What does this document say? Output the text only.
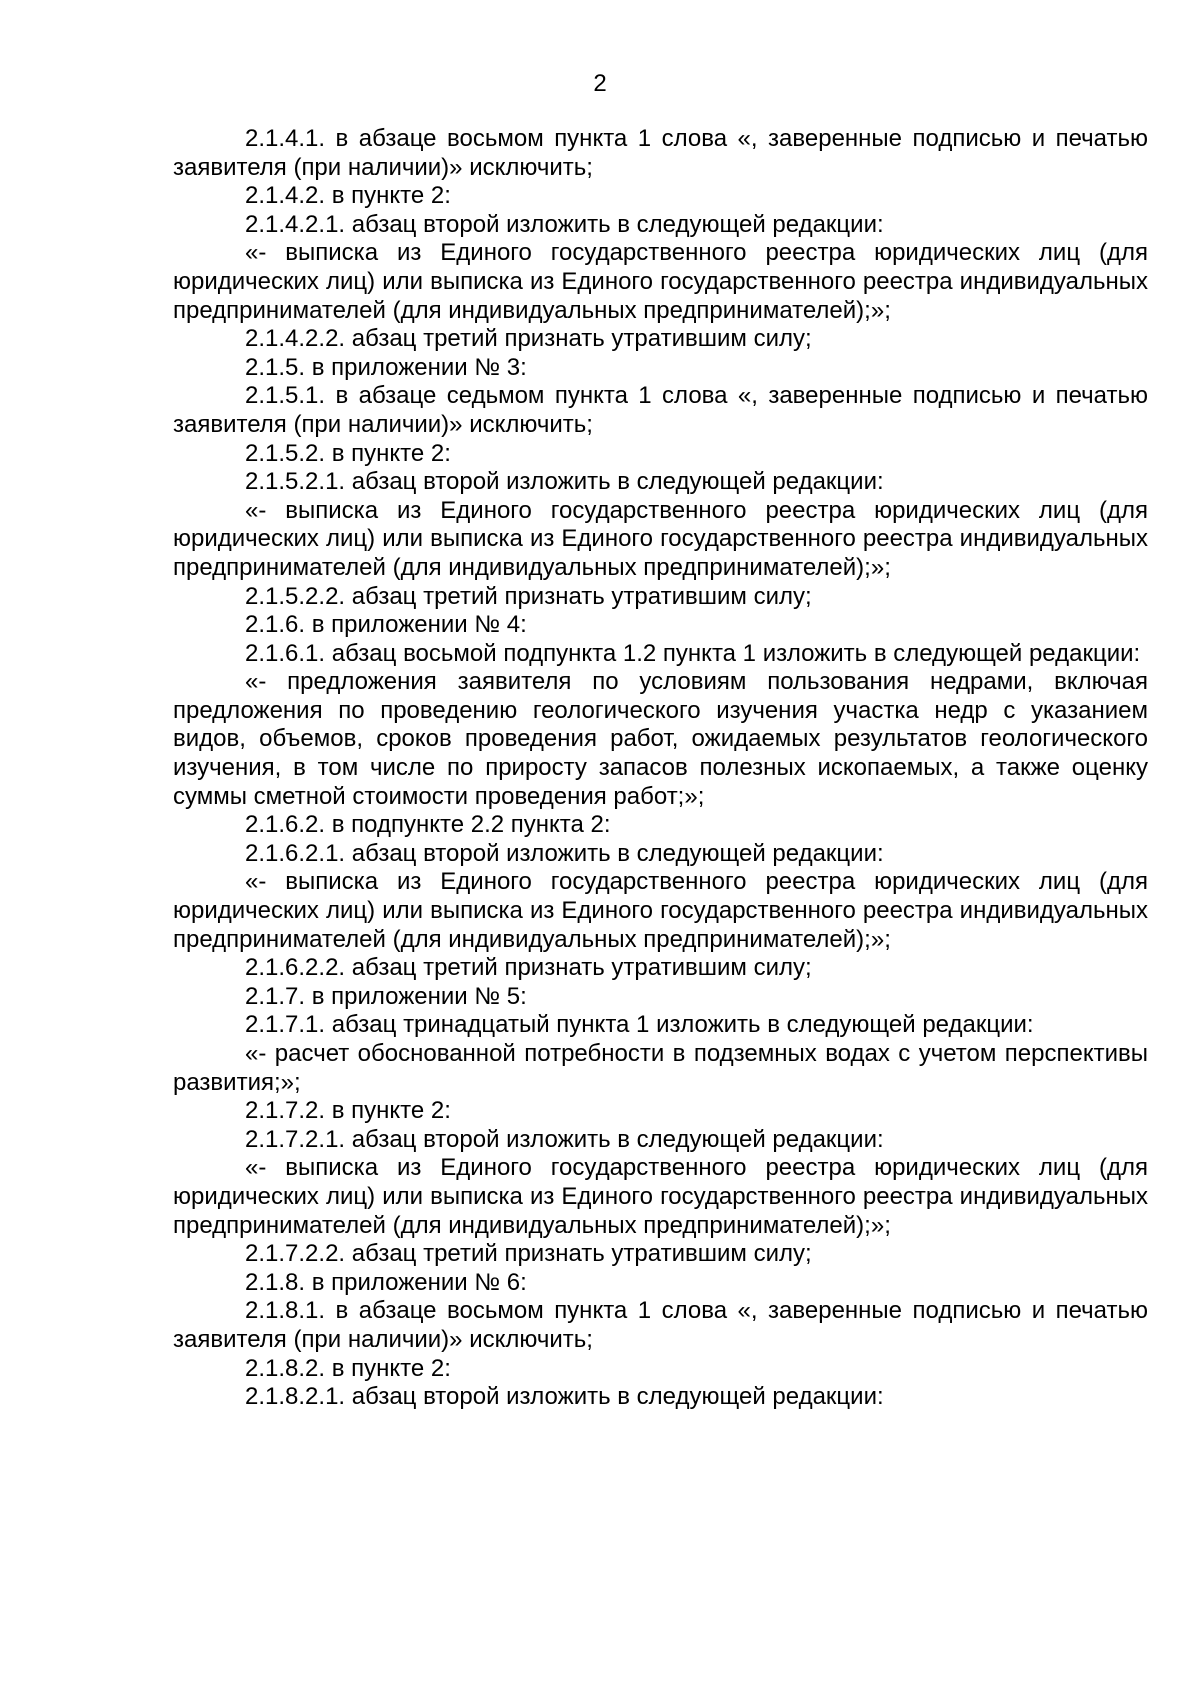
2

2.1.4.1. в абзаце восьмом пункта 1 слова «, заверенные подписью и печатью заявителя (при наличии)» исключить;

2.1.4.2. в пункте 2:

2.1.4.2.1. абзац второй изложить в следующей редакции:

«- выписка из Единого государственного реестра юридических лиц (для юридических лиц) или выписка из Единого государственного реестра индивидуальных предпринимателей (для индивидуальных предпринимателей);»;

2.1.4.2.2. абзац третий признать утратившим силу;

2.1.5. в приложении № 3:

2.1.5.1. в абзаце седьмом пункта 1 слова «, заверенные подписью и печатью заявителя (при наличии)» исключить;

2.1.5.2. в пункте 2:

2.1.5.2.1. абзац второй изложить в следующей редакции:

«- выписка из Единого государственного реестра юридических лиц (для юридических лиц) или выписка из Единого государственного реестра индивидуальных предпринимателей (для индивидуальных предпринимателей);»;

2.1.5.2.2. абзац третий признать утратившим силу;

2.1.6. в приложении № 4:

2.1.6.1. абзац восьмой подпункта 1.2 пункта 1 изложить в следующей редакции:

«- предложения заявителя по условиям пользования недрами, включая предложения по проведению геологического изучения участка недр с указанием видов, объемов, сроков проведения работ, ожидаемых результатов геологического изучения, в том числе по приросту запасов полезных ископаемых, а также оценку суммы сметной стоимости проведения работ;»;

2.1.6.2. в подпункте 2.2 пункта 2:

2.1.6.2.1. абзац второй изложить в следующей редакции:

«- выписка из Единого государственного реестра юридических лиц (для юридических лиц) или выписка из Единого государственного реестра индивидуальных предпринимателей (для индивидуальных предпринимателей);»;

2.1.6.2.2. абзац третий признать утратившим силу;

2.1.7. в приложении № 5:

2.1.7.1. абзац тринадцатый пункта 1 изложить в следующей редакции:

«- расчет обоснованной потребности в подземных водах с учетом перспективы развития;»;

2.1.7.2. в пункте 2:

2.1.7.2.1. абзац второй изложить в следующей редакции:

«- выписка из Единого государственного реестра юридических лиц (для юридических лиц) или выписка из Единого государственного реестра индивидуальных предпринимателей (для индивидуальных предпринимателей);»;

2.1.7.2.2. абзац третий признать утратившим силу;

2.1.8. в приложении № 6:

2.1.8.1. в абзаце восьмом пункта 1 слова «, заверенные подписью и печатью заявителя (при наличии)» исключить;

2.1.8.2. в пункте 2:

2.1.8.2.1. абзац второй изложить в следующей редакции:
